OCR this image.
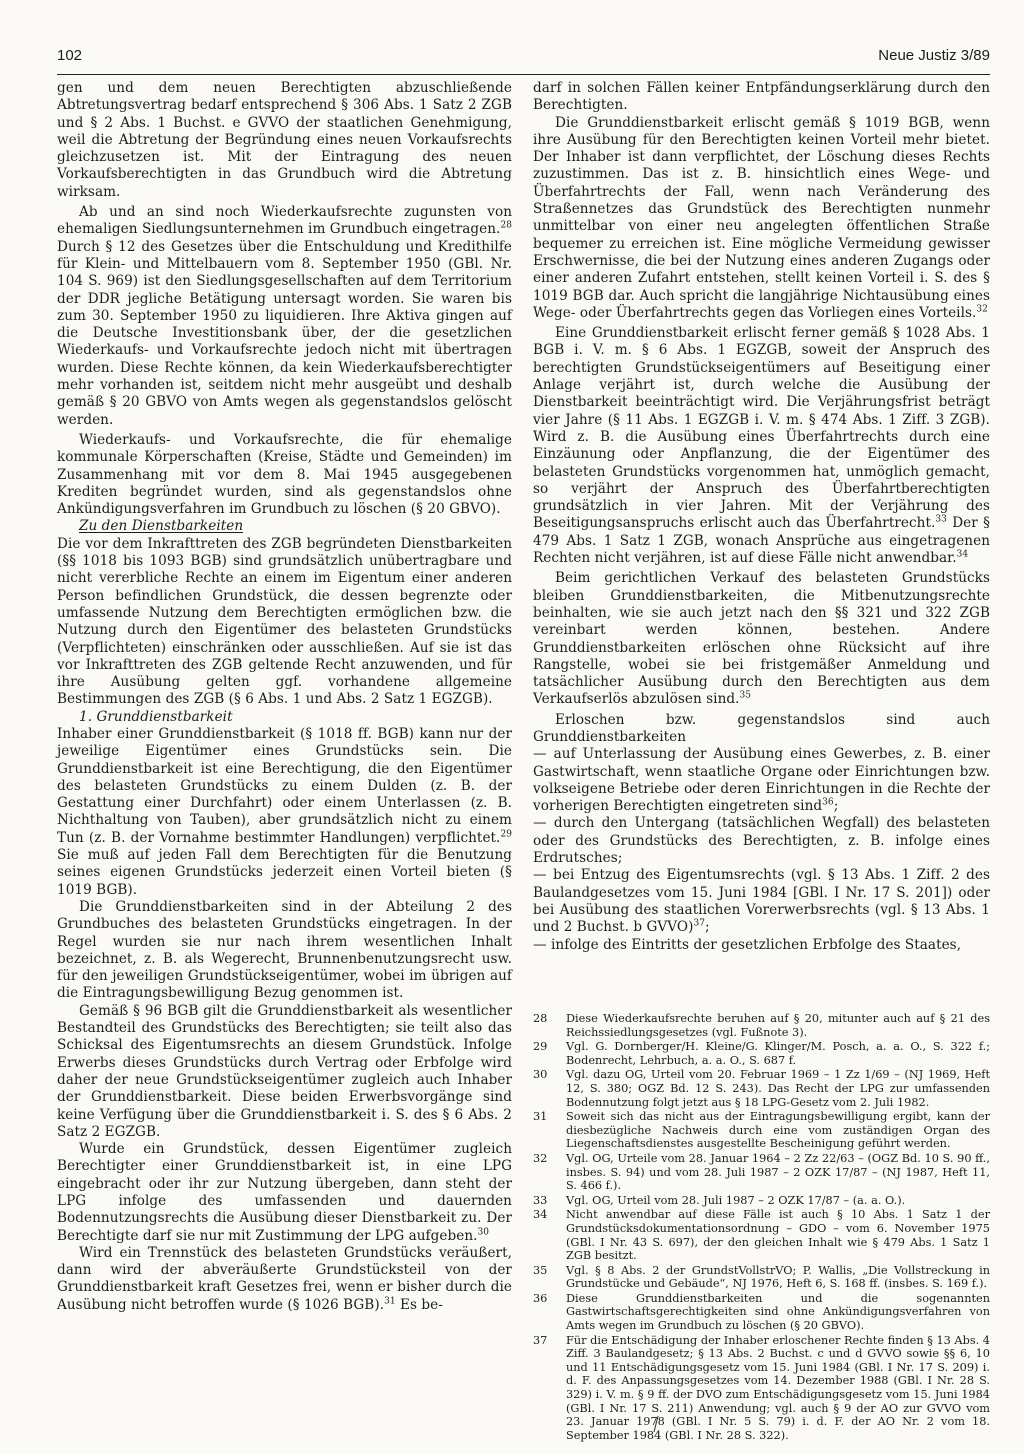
102	Neue Justiz 3/89

gen und dem neuen Berechtigten abzuschließende Abtretungsvertrag bedarf entsprechend § 306 Abs. 1 Satz 2 ZGB und § 2 Abs. 1 Buchst. e GVVO der staatlichen Genehmigung, weil die Abtretung der Begründung eines neuen Vorkaufsrechts gleichzusetzen ist. Mit der Eintragung des neuen Vorkaufsberechtigten in das Grundbuch wird die Abtretung wirksam.

Ab und an sind noch Wiederkaufsrechte zugunsten von ehemaligen Siedlungsunternehmen im Grundbuch eingetragen.$^{28}$ Durch § 12 des Gesetzes über die Entschuldung und Kredithilfe für Klein- und Mittelbauern vom 8. September 1950 (GBl. Nr. 104 S. 969) ist den Siedlungsgesellschaften auf dem Territorium der DDR jegliche Betätigung untersagt worden. Sie waren bis zum 30. September 1950 zu liquidieren. Ihre Aktiva gingen auf die Deutsche Investitionsbank über, der die gesetzlichen Wiederkaufs- und Vorkaufsrechte jedoch nicht mit übertragen wurden. Diese Rechte können, da kein Wiederkaufsberechtigter mehr vorhanden ist, seitdem nicht mehr ausgeübt und deshalb gemäß § 20 GBVO von Amts wegen als gegenstandslos gelöscht werden.

Wiederkaufs- und Vorkaufsrechte, die für ehemalige kommunale Körperschaften (Kreise, Städte und Gemeinden) im Zusammenhang mit vor dem 8. Mai 1945 ausgegebenen Krediten begründet wurden, sind als gegenstandslos ohne Ankündigungsverfahren im Grundbuch zu löschen (§ 20 GBVO).

Zu den Dienstbarkeiten

Die vor dem Inkrafttreten des ZGB begründeten Dienstbarkeiten (§§ 1018 bis 1093 BGB) sind grundsätzlich unübertragbare und nicht vererbliche Rechte an einem im Eigentum einer anderen Person befindlichen Grundstück, die dessen begrenzte oder umfassende Nutzung dem Berechtigten ermöglichen bzw. die Nutzung durch den Eigentümer des belasteten Grundstücks (Verpflichteten) einschränken oder ausschließen. Auf sie ist das vor Inkrafttreten des ZGB geltende Recht anzuwenden, und für ihre Ausübung gelten ggf. vorhandene allgemeine Bestimmungen des ZGB (§ 6 Abs. 1 und Abs. 2 Satz 1 EGZGB).

1. Grunddienstbarkeit

Inhaber einer Grunddienstbarkeit (§ 1018 ff. BGB) kann nur der jeweilige Eigentümer eines Grundstücks sein. Die Grunddienstbarkeit ist eine Berechtigung, die den Eigentümer des belasteten Grundstücks zu einem Dulden (z. B. der Gestattung einer Durchfahrt) oder einem Unterlassen (z. B. Nichthaltung von Tauben), aber grundsätzlich nicht zu einem Tun (z. B. der Vornahme bestimmter Handlungen) verpflichtet.$^{29}$ Sie muß auf jeden Fall dem Berechtigten für die Benutzung seines eigenen Grundstücks jederzeit einen Vorteil bieten (§ 1019 BGB).

Die Grunddienstbarkeiten sind in der Abteilung 2 des Grundbuches des belasteten Grundstücks eingetragen. In der Regel wurden sie nur nach ihrem wesentlichen Inhalt bezeichnet, z. B. als Wegerecht, Brunnenbenutzungsrecht usw. für den jeweiligen Grundstückseigentümer, wobei im übrigen auf die Eintragungsbewilligung Bezug genommen ist.

Gemäß § 96 BGB gilt die Grunddienstbarkeit als wesentlicher Bestandteil des Grundstücks des Berechtigten; sie teilt also das Schicksal des Eigentumsrechts an diesem Grundstück. Infolge Erwerbs dieses Grundstücks durch Vertrag oder Erbfolge wird daher der neue Grundstückseigentümer zugleich auch Inhaber der Grunddienstbarkeit. Diese beiden Erwerbsvorgänge sind keine Verfügung über die Grunddienstbarkeit i. S. des § 6 Abs. 2 Satz 2 EGZGB.

Wurde ein Grundstück, dessen Eigentümer zugleich Berechtigter einer Grunddienstbarkeit ist, in eine LPG eingebracht oder ihr zur Nutzung übergeben, dann steht der LPG infolge des umfassenden und dauernden Bodennutzungsrechts die Ausübung dieser Dienstbarkeit zu. Der Berechtigte darf sie nur mit Zustimmung der LPG aufgeben.$^{30}$

Wird ein Trennstück des belasteten Grundstücks veräußert, dann wird der abveräußerte Grundstücksteil von der Grunddienstbarkeit kraft Gesetzes frei, wenn er bisher durch die Ausübung nicht betroffen wurde (§ 1026 BGB).$^{31}$ Es be-

darf in solchen Fällen keiner Entpfändungserklärung durch den Berechtigten.

Die Grunddienstbarkeit erlischt gemäß § 1019 BGB, wenn ihre Ausübung für den Berechtigten keinen Vorteil mehr bietet. Der Inhaber ist dann verpflichtet, der Löschung dieses Rechts zuzustimmen. Das ist z. B. hinsichtlich eines Wege- und Überfahrtrechts der Fall, wenn nach Veränderung des Straßennetzes das Grundstück des Berechtigten nunmehr unmittelbar von einer neu angelegten öffentlichen Straße bequemer zu erreichen ist. Eine mögliche Vermeidung gewisser Erschwernisse, die bei der Nutzung eines anderen Zugangs oder einer anderen Zufahrt entstehen, stellt keinen Vorteil i. S. des § 1019 BGB dar. Auch spricht die langjährige Nichtausübung eines Wege- oder Überfahrtrechts gegen das Vorliegen eines Vorteils.$^{32}$

Eine Grunddienstbarkeit erlischt ferner gemäß § 1028 Abs. 1 BGB i. V. m. § 6 Abs. 1 EGZGB, soweit der Anspruch des berechtigten Grundstückseigentümers auf Beseitigung einer Anlage verjährt ist, durch welche die Ausübung der Dienstbarkeit beeinträchtigt wird. Die Verjährungsfrist beträgt vier Jahre (§ 11 Abs. 1 EGZGB i. V. m. § 474 Abs. 1 Ziff. 3 ZGB). Wird z. B. die Ausübung eines Überfahrtrechts durch eine Einzäunung oder Anpflanzung, die der Eigentümer des belasteten Grundstücks vorgenommen hat, unmöglich gemacht, so verjährt der Anspruch des Überfahrtberechtigten grundsätzlich in vier Jahren. Mit der Verjährung des Beseitigungsanspruchs erlischt auch das Überfahrtrecht.$^{33}$ Der § 479 Abs. 1 Satz 1 ZGB, wonach Ansprüche aus eingetragenen Rechten nicht verjähren, ist auf diese Fälle nicht anwendbar.$^{34}$

Beim gerichtlichen Verkauf des belasteten Grundstücks bleiben Grunddienstbarkeiten, die Mitbenutzungsrechte beinhalten, wie sie auch jetzt nach den §§ 321 und 322 ZGB vereinbart werden können, bestehen. Andere Grunddienstbarkeiten erlöschen ohne Rücksicht auf ihre Rangstelle, wobei sie bei fristgemäßer Anmeldung und tatsächlicher Ausübung durch den Berechtigten aus dem Verkaufserlös abzulösen sind.$^{35}$

Erloschen bzw. gegenstandslos sind auch Grunddienstbarkeiten

— auf Unterlassung der Ausübung eines Gewerbes, z. B. einer Gastwirtschaft, wenn staatliche Organe oder Einrichtungen bzw. volkseigene Betriebe oder deren Einrichtungen in die Rechte der vorherigen Berechtigten eingetreten sind$^{36}$;

— durch den Untergang (tatsächlichen Wegfall) des belasteten oder des Grundstücks des Berechtigten, z. B. infolge eines Erdrutsches;

— bei Entzug des Eigentumsrechts (vgl. § 13 Abs. 1 Ziff. 2 des Baulandgesetzes vom 15. Juni 1984 [GBl. I Nr. 17 S. 201]) oder bei Ausübung des staatlichen Vorerwerbsrechts (vgl. § 13 Abs. 1 und 2 Buchst. b GVVO)$^{37}$;

— infolge des Eintritts der gesetzlichen Erbfolge des Staates,

28	Diese Wiederkaufsrechte beruhen auf § 20, mitunter auch auf § 21 des Reichssiedlungsgesetzes (vgl. Fußnote 3).
29	Vgl. G. Dornberger/H. Kleine/G. Klinger/M. Posch, a. a. O., S. 322 f.; Bodenrecht, Lehrbuch, a. a. O., S. 687 f.
30	Vgl. dazu OG, Urteil vom 20. Februar 1969 – 1 Zz 1/69 – (NJ 1969, Heft 12, S. 380; OGZ Bd. 12 S. 243). Das Recht der LPG zur umfassenden Bodennutzung folgt jetzt aus § 18 LPG-Gesetz vom 2. Juli 1982.
31	Soweit sich das nicht aus der Eintragungsbewilligung ergibt, kann der diesbezügliche Nachweis durch eine vom zuständigen Organ des Liegenschaftsdienstes ausgestellte Bescheinigung geführt werden.
32	Vgl. OG, Urteile vom 28. Januar 1964 – 2 Zz 22/63 – (OGZ Bd. 10 S. 90 ff., insbes. S. 94) und vom 28. Juli 1987 – 2 OZK 17/87 – (NJ 1987, Heft 11, S. 466 f.).
33	Vgl. OG, Urteil vom 28. Juli 1987 – 2 OZK 17/87 – (a. a. O.).
34	Nicht anwendbar auf diese Fälle ist auch § 10 Abs. 1 Satz 1 der Grundstücksdokumentationsordnung – GDO – vom 6. November 1975 (GBl. I Nr. 43 S. 697), der den gleichen Inhalt wie § 479 Abs. 1 Satz 1 ZGB besitzt.
35	Vgl. § 8 Abs. 2 der GrundstVollstrVO; P. Wallis, „Die Vollstreckung in Grundstücke und Gebäude“, NJ 1976, Heft 6, S. 168 ff. (insbes. S. 169 f.).
36	Diese Grunddienstbarkeiten und die sogenannten Gastwirtschaftsgerechtigkeiten sind ohne Ankündigungsverfahren von Amts wegen im Grundbuch zu löschen (§ 20 GBVO).
37	Für die Entschädigung der Inhaber erloschener Rechte finden § 13 Abs. 4 Ziff. 3 Baulandgesetz; § 13 Abs. 2 Buchst. c und d GVVO sowie §§ 6, 10 und 11 Entschädigungsgesetz vom 15. Juni 1984 (GBl. I Nr. 17 S. 209) i. d. F. des Anpassungsgesetzes vom 14. Dezember 1988 (GBl. I Nr. 28 S. 329) i. V. m. § 9 ff. der DVO zum Entschädigungsgesetz vom 15. Juni 1984 (GBl. I Nr. 17 S. 211) Anwendung; vgl. auch § 9 der AO zur GVVO vom 23. Januar 1978 (GBl. I Nr. 5 S. 79) i. d. F. der AO Nr. 2 vom 18. September 1984 (GBl. I Nr. 28 S. 322).
